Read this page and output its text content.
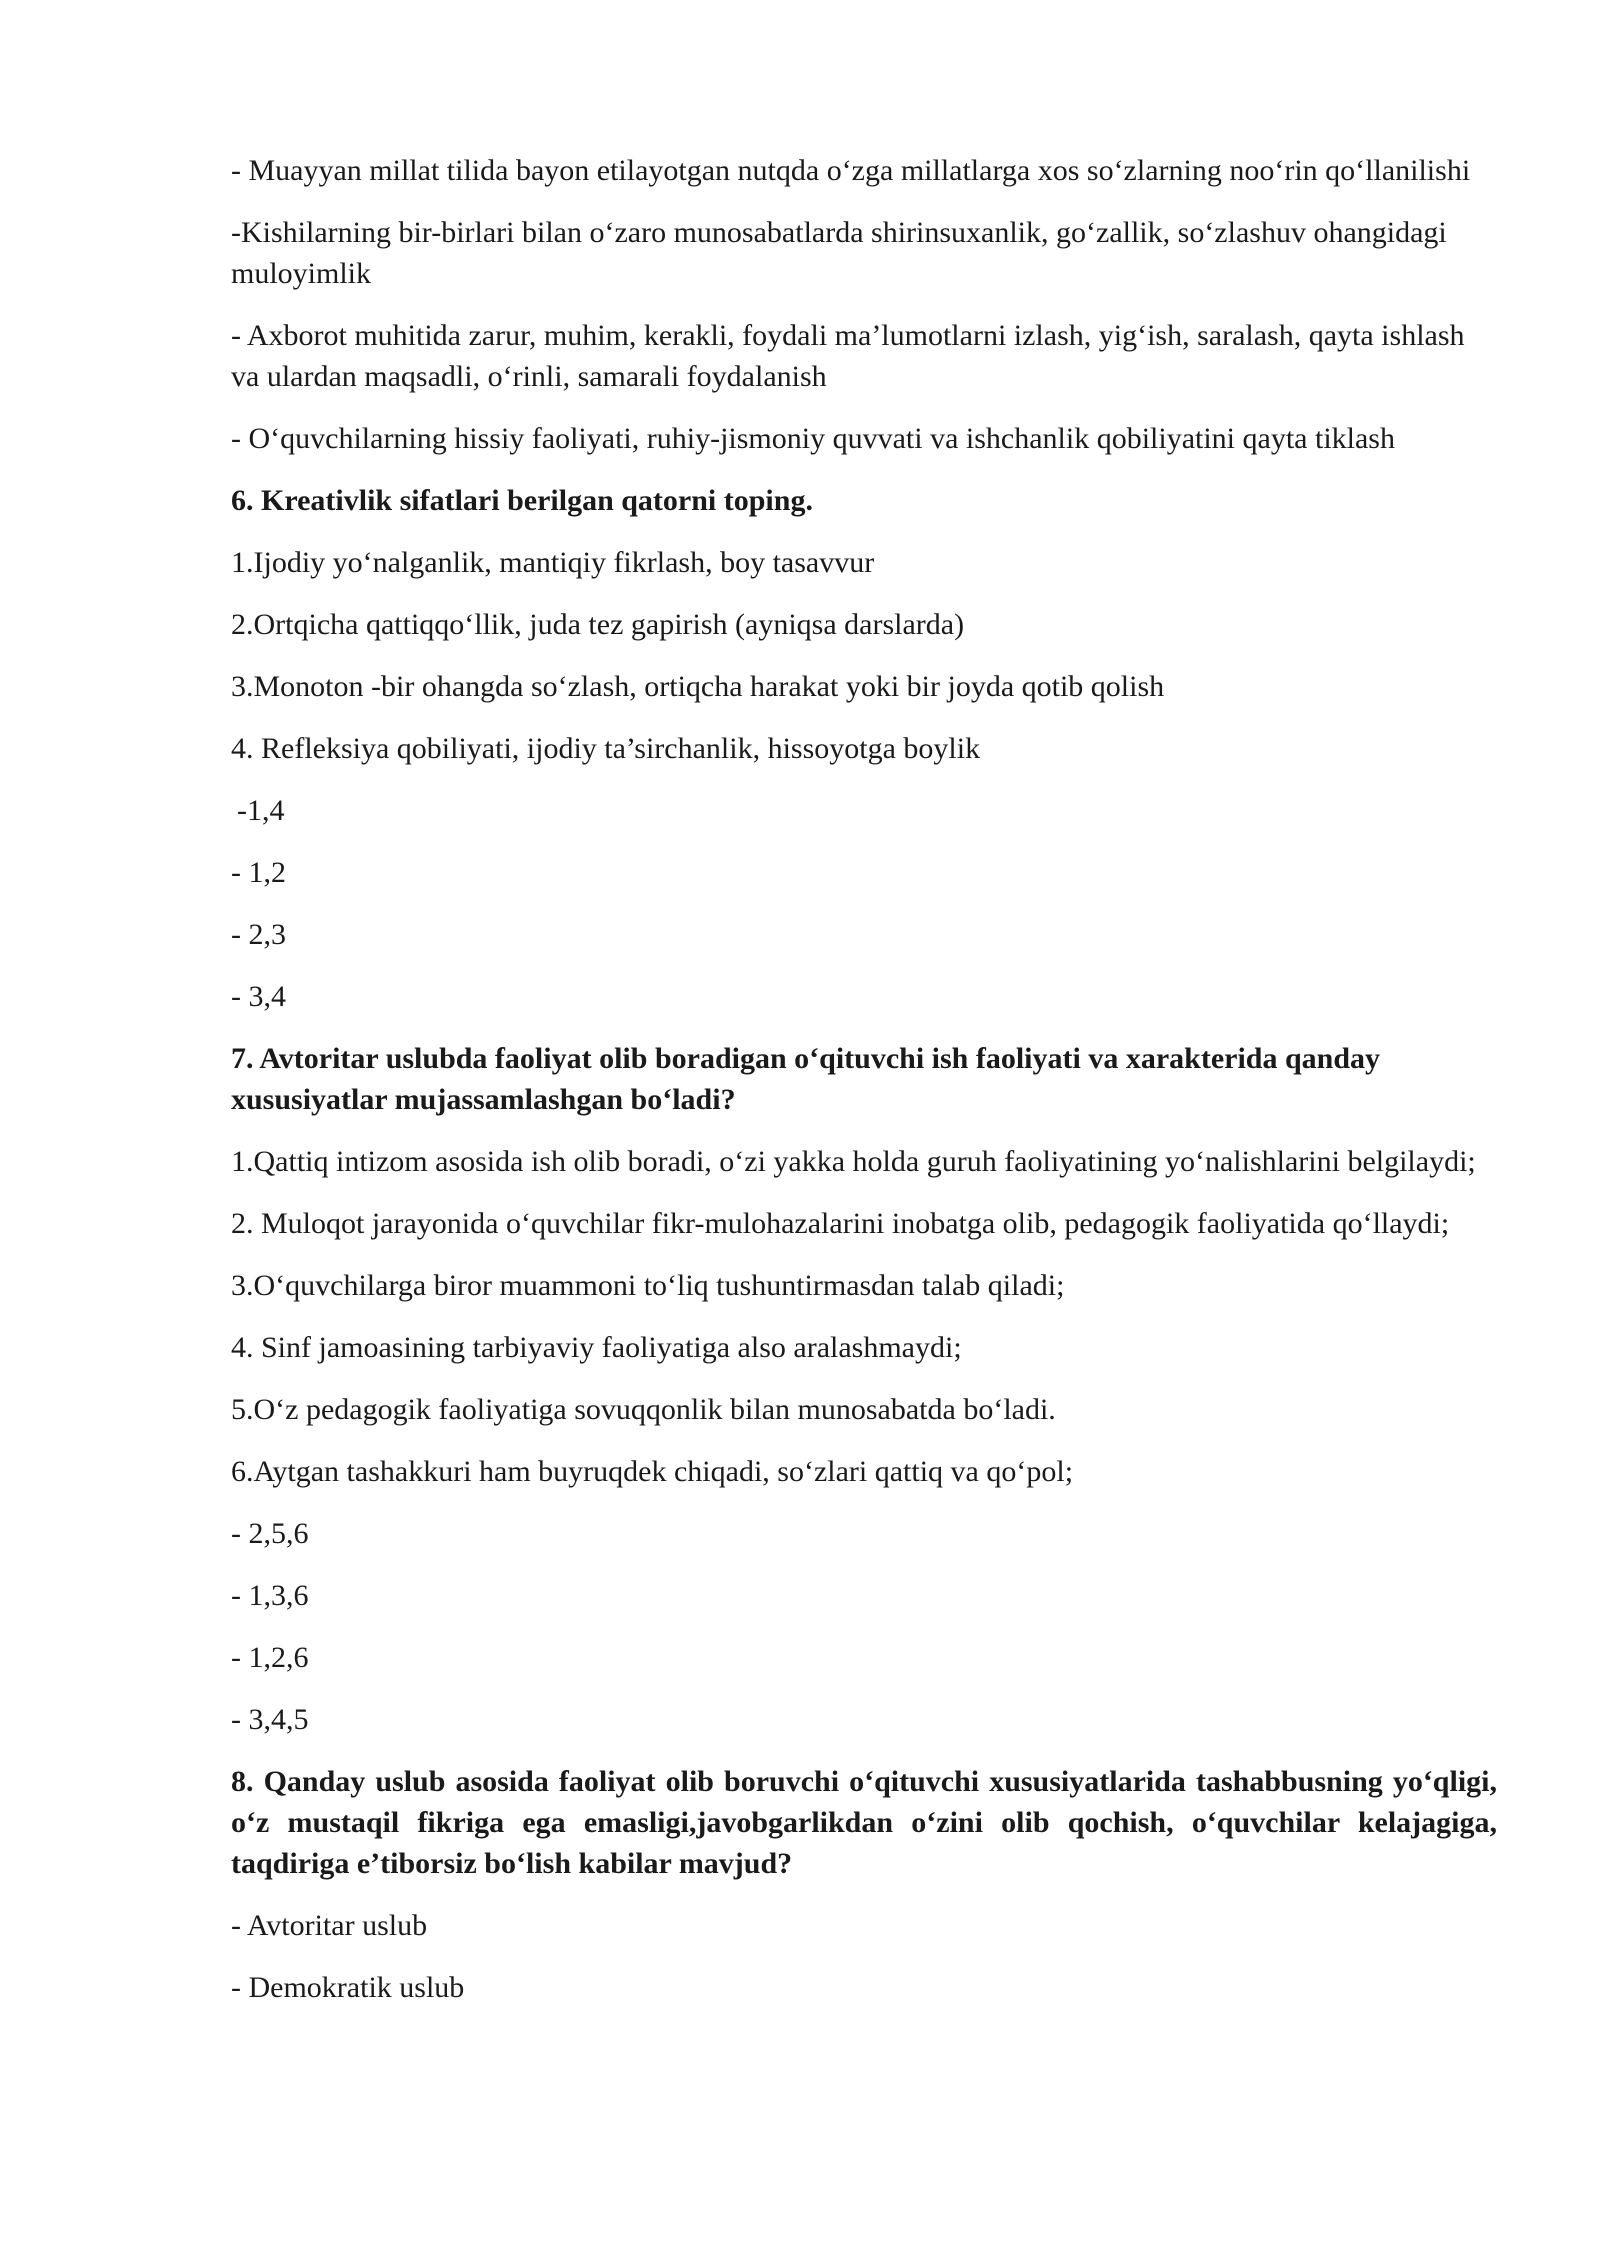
- Muayyan millat tilida bayon etilayotgan nutqda o‘zga millatlarga xos so‘zlarning noo‘rin qo‘llanilishi

-Kishilarning bir-birlari bilan o‘zaro munosabatlarda shirinsuxanlik, go‘zallik, so‘zlashuv ohangidagi muloyimlik

- Axborot muhitida zarur, muhim, kerakli, foydali ma’lumotlarni izlash, yig‘ish, saralash, qayta ishlash va ulardan maqsadli, o‘rinli, samarali foydalanish

- O‘quvchilarning hissiy faoliyati, ruhiy-jismoniy quvvati va ishchanlik qobiliyatini qayta tiklash

6. Kreativlik sifatlari berilgan qatorni toping.

1.Ijodiy yo‘nalganlik, mantiqiy fikrlash, boy tasavvur

2.Ortqicha qattiqqo‘llik, juda tez gapirish (ayniqsa darslarda)

3.Monoton -bir ohangda so‘zlash, ortiqcha harakat yoki bir joyda qotib qolish

4. Refleksiya qobiliyati, ijodiy ta’sirchanlik, hissoyotga boylik

-1,4

- 1,2

- 2,3

- 3,4

7. Avtoritar uslubda faoliyat olib boradigan o‘qituvchi ish faoliyati va xarakterida qanday xususiyatlar mujassamlashgan bo‘ladi?

1.Qattiq intizom asosida ish olib boradi, o‘zi yakka holda guruh faoliyatining yo‘nalishlarini belgilaydi;

2. Muloqot jarayonida o‘quvchilar fikr-mulohazalarini inobatga olib, pedagogik faoliyatida qo‘llaydi;

3.O‘quvchilarga biror muammoni to‘liq tushuntirmasdan talab qiladi;

4. Sinf jamoasining tarbiyaviy faoliyatiga also aralashmaydi;

5.O‘z pedagogik faoliyatiga sovuqqonlik bilan munosabatda bo‘ladi.

6.Aytgan tashakkuri ham buyruqdek chiqadi, so‘zlari qattiq va qo‘pol;

- 2,5,6

- 1,3,6

- 1,2,6

- 3,4,5

8. Qanday uslub asosida faoliyat olib boruvchi o‘qituvchi xususiyatlarida tashabbusning yo‘qligi, o‘z mustaqil fikriga ega emasligi,javobgarlikdan o‘zini olib qochish, o‘quvchilar kelajagiga, taqdiriga e’tiborsiz bo‘lish kabilar mavjud?

- Avtoritar uslub

- Demokratik uslub
